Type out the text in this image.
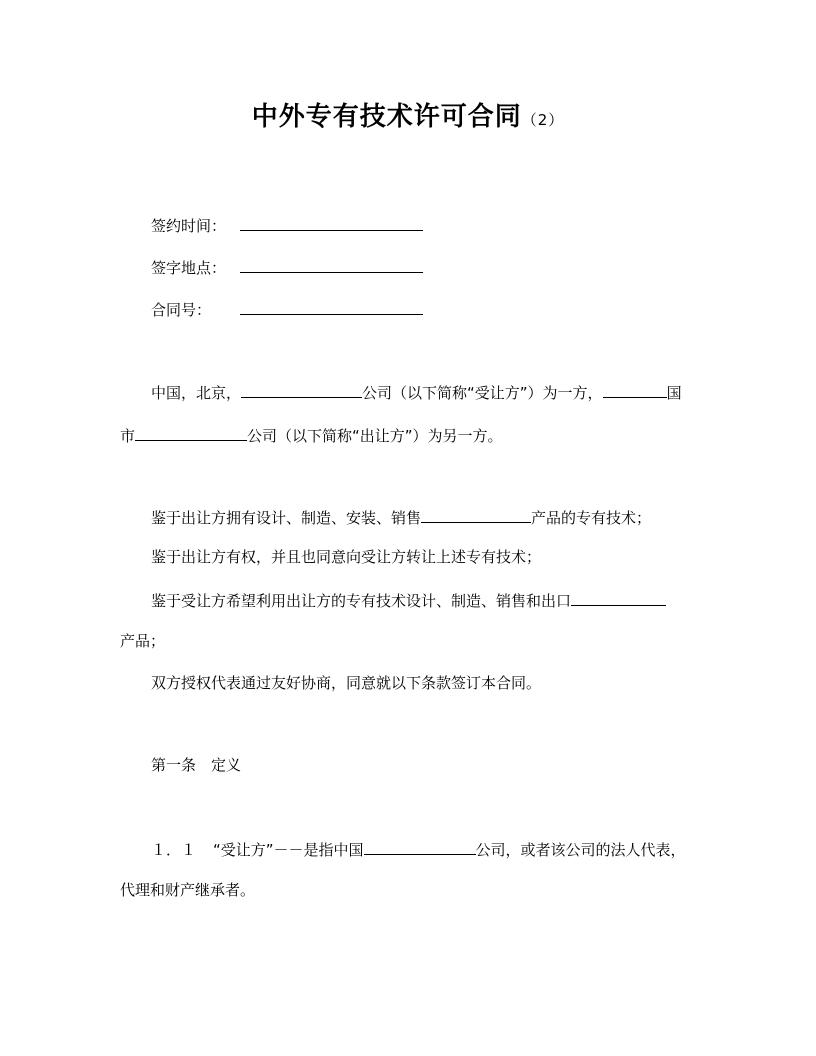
中外专有技术许可合同（2）
签约时间：
签字地点：
合同号：
中国，北京，	公司（以下简称“受让方”）为一方，	国
市	公司（以下简称“出让方”）为另一方。
鉴于出让方拥有设计、制造、安装、销售	产品的专有技术；
鉴于出让方有权，并且也同意向受让方转让上述专有技术；
鉴于受让方希望利用出让方的专有技术设计、制造、销售和出口
产品；
双方授权代表通过友好协商，同意就以下条款签订本合同。
第一条　定义
１．１ “受让方”－－是指中国	公司，或者该公司的法人代表，
代理和财产继承者。
